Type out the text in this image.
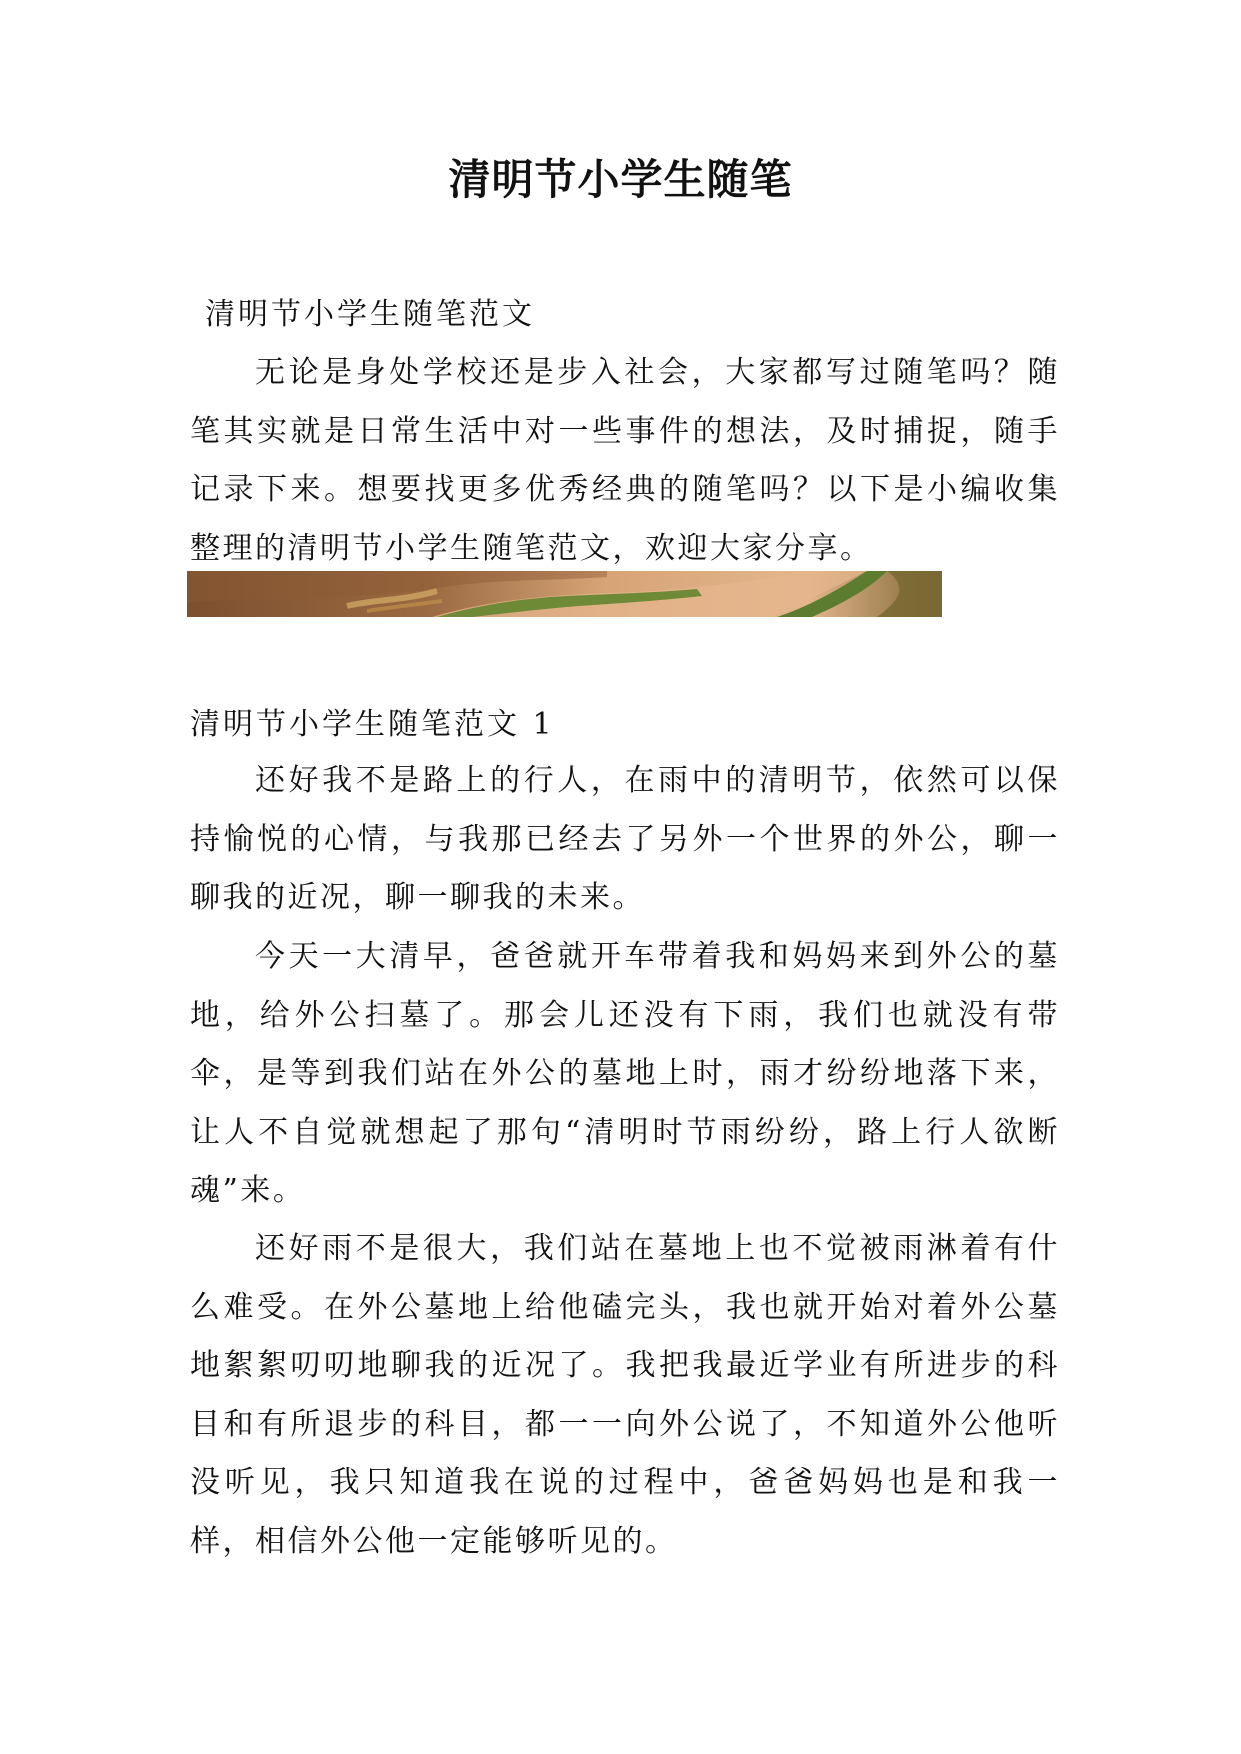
清明节小学生随笔
清明节小学生随笔范文

无论是身处学校还是步入社会，大家都写过随笔吗？随笔其实就是日常生活中对一些事件的想法，及时捕捉，随手记录下来。想要找更多优秀经典的随笔吗？以下是小编收集整理的清明节小学生随笔范文，欢迎大家分享。

清明节小学生随笔范文 1

还好我不是路上的行人，在雨中的清明节，依然可以保持愉悦的心情，与我那已经去了另外一个世界的外公，聊一聊我的近况，聊一聊我的未来。

今天一大清早，爸爸就开车带着我和妈妈来到外公的墓地，给外公扫墓了。那会儿还没有下雨，我们也就没有带伞，是等到我们站在外公的墓地上时，雨才纷纷地落下来，让人不自觉就想起了那句“清明时节雨纷纷，路上行人欲断魂”来。

还好雨不是很大，我们站在墓地上也不觉被雨淋着有什么难受。在外公墓地上给他磕完头，我也就开始对着外公墓地絮絮叨叨地聊我的近况了。我把我最近学业有所进步的科目和有所退步的科目，都一一向外公说了，不知道外公他听没听见，我只知道我在说的过程中，爸爸妈妈也是和我一样，相信外公他一定能够听见的。
